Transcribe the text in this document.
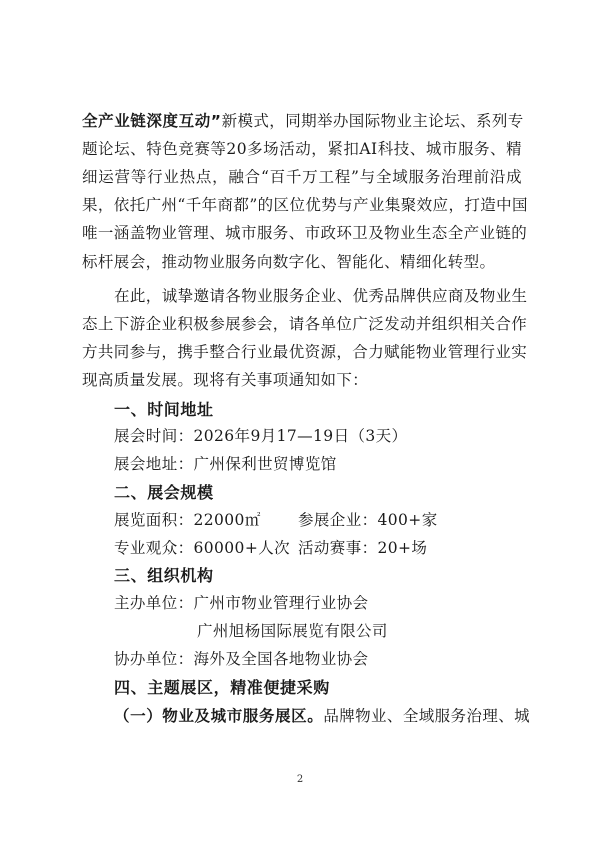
全产业链深度互动”新模式，同期举办国际物业主论坛、系列专
题论坛、特色竞赛等20多场活动，紧扣AI科技、城市服务、精
细运营等行业热点，融合“百千万工程”与全域服务治理前沿成
果，依托广州“千年商都”的区位优势与产业集聚效应，打造中国
唯一涵盖物业管理、城市服务、市政环卫及物业生态全产业链的
标杆展会，推动物业服务向数字化、智能化、精细化转型。
在此，诚挚邀请各物业服务企业、优秀品牌供应商及物业生
态上下游企业积极参展参会，请各单位广泛发动并组织相关合作
方共同参与，携手整合行业最优资源，合力赋能物业管理行业实
现高质量发展。现将有关事项通知如下：
一、时间地址
展会时间：2026年9月17—19日（3天）
展会地址：广州保利世贸博览馆
二、展会规模
展览面积：22000㎡	参展企业：400+家
专业观众：60000+人次 活动赛事：20+场
三、组织机构
主办单位：广州市物业管理行业协会
广州旭杨国际展览有限公司
协办单位：海外及全国各地物业协会
四、主题展区，精准便捷采购
（一）物业及城市服务展区。品牌物业、全域服务治理、城
2
